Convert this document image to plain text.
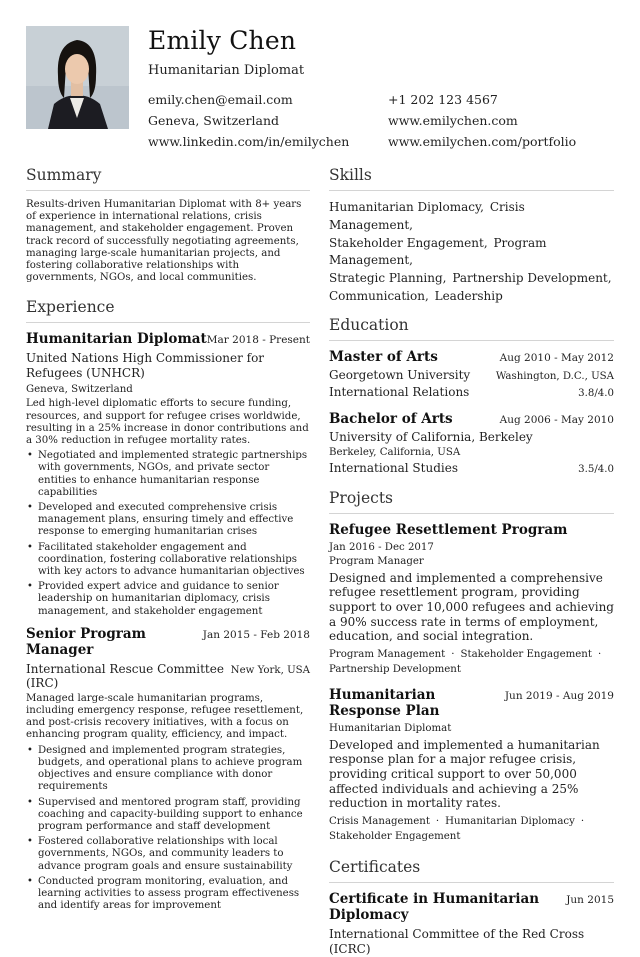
Emily Chen
Humanitarian Diplomat
emily.chen@email.com	+1 202 123 4567
Geneva, Switzerland	www.emilychen.com
www.linkedin.com/in/emilychen	www.emilychen.com/portfolio
Summary
Results-driven Humanitarian Diplomat with 8+ years of experience in international relations, crisis management, and stakeholder engagement. Proven track record of successfully negotiating agreements, managing large-scale humanitarian projects, and fostering collaborative relationships with governments, NGOs, and local communities.
Experience
Humanitarian Diplomat Mar 2018 - Present
United Nations High Commissioner for Refugees (UNHCR)
Geneva, Switzerland
Led high-level diplomatic efforts to secure funding, resources, and support for refugee crises worldwide, resulting in a 25% increase in donor contributions and a 30% reduction in refugee mortality rates.
• Negotiated and implemented strategic partnerships with governments, NGOs, and private sector entities to enhance humanitarian response capabilities
• Developed and executed comprehensive crisis management plans, ensuring timely and effective response to emerging humanitarian crises
• Facilitated stakeholder engagement and coordination, fostering collaborative relationships with key actors to advance humanitarian objectives
• Provided expert advice and guidance to senior leadership on humanitarian diplomacy, crisis management, and stakeholder engagement
Senior Program Manager
Jan 2015 - Feb 2018
International Rescue Committee (IRC)
New York, USA
Managed large-scale humanitarian programs, including emergency response, refugee resettlement, and post-crisis recovery initiatives, with a focus on enhancing program quality, efficiency, and impact.
• Designed and implemented program strategies, budgets, and operational plans to achieve program objectives and ensure compliance with donor requirements
• Supervised and mentored program staff, providing coaching and capacity-building support to enhance program performance and staff development
• Fostered collaborative relationships with local governments, NGOs, and community leaders to advance program goals and ensure sustainability
• Conducted program monitoring, evaluation, and learning activities to assess program effectiveness and identify areas for improvement
Skills
Humanitarian Diplomacy, Crisis Management,
Stakeholder Engagement, Program Management,
Strategic Planning, Partnership Development,
Communication, Leadership
Education
Master of Arts	Aug 2010 - May 2012
Georgetown University	Washington, D.C., USA
International Relations	3.8/4.0
Bachelor of Arts	Aug 2006 - May 2010
University of California, Berkeley
Berkeley, California, USA
International Studies	3.5/4.0
Projects
Refugee Resettlement Program
Jan 2016 - Dec 2017
Program Manager
Designed and implemented a comprehensive refugee resettlement program, providing support to over 10,000 refugees and achieving a 90% success rate in terms of employment, education, and social integration.
Program Management · Stakeholder Engagement ·
Partnership Development
Humanitarian Response Plan
Jun 2019 - Aug 2019
Humanitarian Diplomat
Developed and implemented a humanitarian response plan for a major refugee crisis, providing critical support to over 50,000 affected individuals and achieving a 25% reduction in mortality rates.
Crisis Management · Humanitarian Diplomacy ·
Stakeholder Engagement
Certificates
Certificate in Humanitarian Diplomacy
Jun 2015
International Committee of the Red Cross (ICRC)
